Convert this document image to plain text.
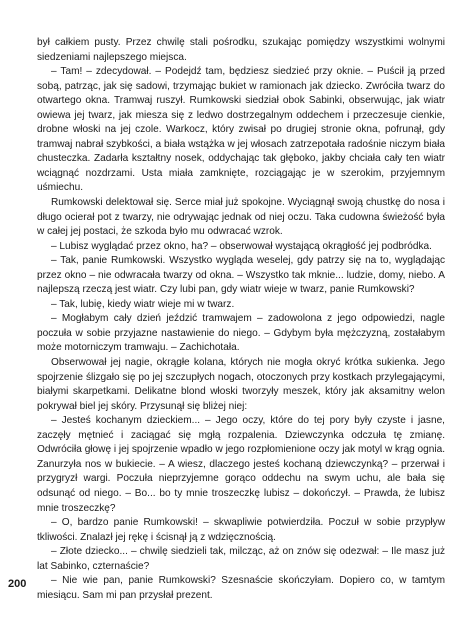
był całkiem pusty. Przez chwilę stali pośrodku, szukając pomiędzy wszystkimi wolnymi siedzeniami najlepszego miejsca.

– Tam! – zdecydował. – Podejdź tam, będziesz siedzieć przy oknie. – Puścił ją przed sobą, patrząc, jak się sadowi, trzymając bukiet w ramionach jak dziecko. Zwróciła twarz do otwartego okna. Tramwaj ruszył. Rumkowski siedział obok Sabinki, obserwując, jak wiatr owiewa jej twarz, jak miesza się z ledwo dostrzegalnym oddechem i przeczesuje cienkie, drobne włoski na jej czole. Warkocz, który zwisał po drugiej stronie okna, pofrunął, gdy tramwaj nabrał szybkości, a biała wstążka w jej włosach zatrzepotała radośnie niczym biała chusteczka. Zadarła kształtny nosek, oddychając tak głęboko, jakby chciała cały ten wiatr wciągnąć nozdrzami. Usta miała zamknięte, rozciągając je w szerokim, przyjemnym uśmiechu.

Rumkowski delektował się. Serce miał już spokojne. Wyciągnął swoją chustkę do nosa i długo ocierał pot z twarzy, nie odrywając jednak od niej oczu. Taka cudowna świeżość była w całej jej postaci, że szkoda było mu odwracać wzrok.

– Lubisz wyglądać przez okno, ha? – obserwował wystającą okrągłość jej podbródka.

– Tak, panie Rumkowski. Wszystko wygląda weselej, gdy patrzy się na to, wyglądając przez okno – nie odwracała twarzy od okna. – Wszystko tak mknie... ludzie, domy, niebo. A najlepszą rzeczą jest wiatr. Czy lubi pan, gdy wiatr wieje w twarz, panie Rumkowski?

– Tak, lubię, kiedy wiatr wieje mi w twarz.

– Mogłabym cały dzień jeździć tramwajem – zadowolona z jego odpowiedzi, nagle poczuła w sobie przyjazne nastawienie do niego. – Gdybym była mężczyzną, zostałabym może motorniczym tramwaju. – Zachichotała.

Obserwował jej nagie, okrągłe kolana, których nie mogła okryć krótka sukienka. Jego spojrzenie ślizgało się po jej szczupłych nogach, otoczonych przy kostkach przylegającymi, białymi skarpetkami. Delikatne blond włoski tworzyły meszek, który jak aksamitny welon pokrywał biel jej skóry. Przysunął się bliżej niej:

– Jesteś kochanym dzieckiem... – Jego oczy, które do tej pory były czyste i jasne, zaczęły mętnieć i zaciągać się mgłą rozpalenia. Dziewczynka odczuła tę zmianę. Odwróciła głowę i jej spojrzenie wpadło w jego rozpłomienione oczy jak motyl w krąg ognia. Zanurzyła nos w bukiecie. – A wiesz, dlaczego jesteś kochaną dziewczynką? – przerwał i przygryzł wargi. Poczuła nieprzyjemne gorąco oddechu na swym uchu, ale bała się odsunąć od niego. – Bo... bo ty mnie troszeczkę lubisz – dokończył. – Prawda, że lubisz mnie troszeczkę?

– O, bardzo panie Rumkowski! – skwapliwie potwierdziła. Poczuł w sobie przypływ tkliwości. Znalazł jej rękę i ścisnął ją z wdzięcznością.

– Złote dziecko... – chwilę siedzieli tak, milcząc, aż on znów się odezwał: – Ile masz już lat Sabinko, czternaście?

– Nie wie pan, panie Rumkowski? Szesnaście skończyłam. Dopiero co, w tamtym miesiącu. Sam mi pan przysłał prezent.

200
